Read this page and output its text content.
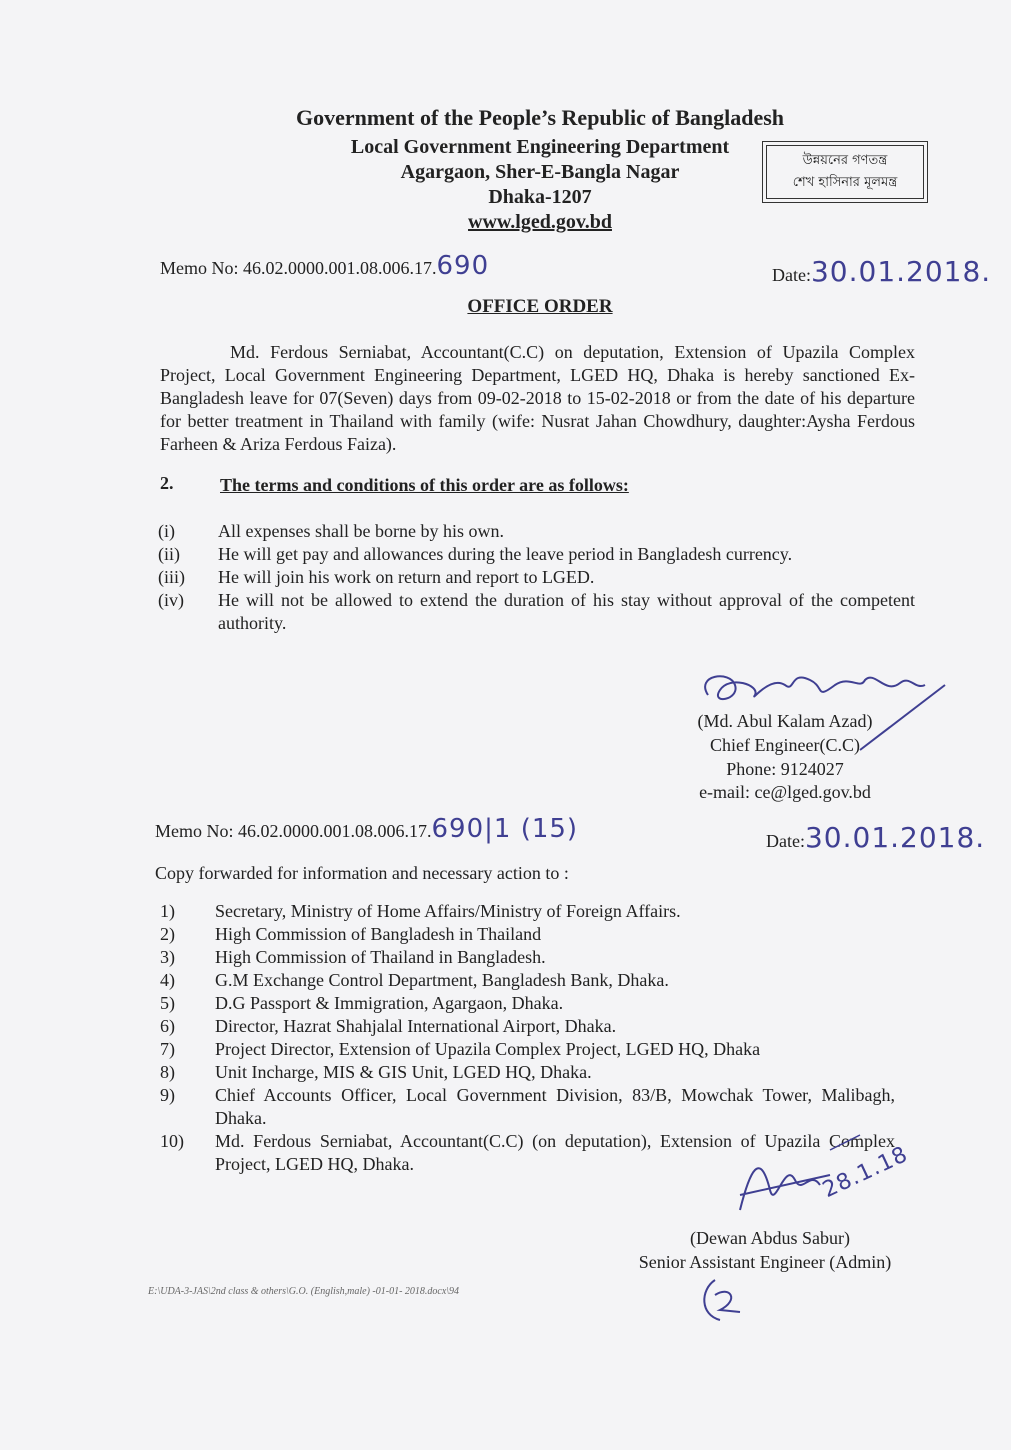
Government of the People’s Republic of Bangladesh
Local Government Engineering Department
Agargaon, Sher-E-Bangla Nagar
Dhaka-1207
www.lged.gov.bd
উন্নয়নের গণতন্ত্র
শেখ হাসিনার মূলমন্ত্র
Memo No: 46.02.0000.001.08.006.17.690	Date:30.01.2018.
OFFICE ORDER
Md. Ferdous Serniabat, Accountant(C.C) on deputation, Extension of Upazila Complex Project, Local Government Engineering Department, LGED HQ, Dhaka is hereby sanctioned Ex-Bangladesh leave for 07(Seven) days from 09-02-2018 to 15-02-2018 or from the date of his departure for better treatment in Thailand with family (wife: Nusrat Jahan Chowdhury, daughter:Aysha Ferdous Farheen & Ariza Ferdous Faiza).
2.	The terms and conditions of this order are as follows:
(i) All expenses shall be borne by his own.
(ii) He will get pay and allowances during the leave period in Bangladesh currency.
(iii) He will join his work on return and report to LGED.
(iv) He will not be allowed to extend the duration of his stay without approval of the competent authority.
(Md. Abul Kalam Azad)
Chief Engineer(C.C)
Phone: 9124027
e-mail: ce@lged.gov.bd
Memo No: 46.02.0000.001.08.006.17.690|1 (15)	Date:30.01.2018.
Copy forwarded for information and necessary action to :
1) Secretary, Ministry of Home Affairs/Ministry of Foreign Affairs.
2) High Commission of Bangladesh in Thailand
3) High Commission of Thailand in Bangladesh.
4) G.M Exchange Control Department, Bangladesh Bank, Dhaka.
5) D.G Passport & Immigration, Agargaon, Dhaka.
6) Director, Hazrat Shahjalal International Airport, Dhaka.
7) Project Director, Extension of Upazila Complex Project, LGED HQ, Dhaka
8) Unit Incharge, MIS & GIS Unit, LGED HQ, Dhaka.
9) Chief Accounts Officer, Local Government Division, 83/B, Mowchak Tower, Malibagh, Dhaka.
10) Md. Ferdous Serniabat, Accountant(C.C) (on deputation), Extension of Upazila Complex Project, LGED HQ, Dhaka.	28.1.18
(Dewan Abdus Sabur)
Senior Assistant Engineer (Admin)
E:\UDA-3-JAS\2nd class & others\G.O. (English,male) -01-01- 2018.docx\94
